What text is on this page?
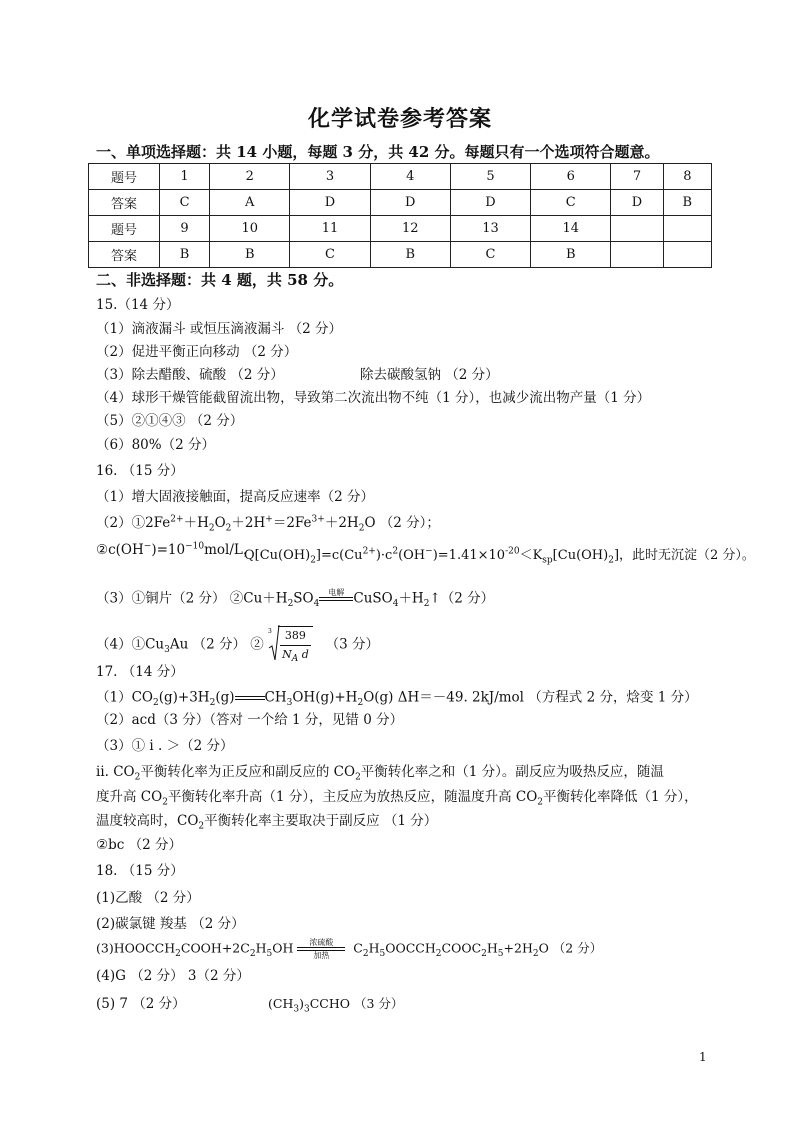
化学试卷参考答案
一、单项选择题：共 14 小题，每题 3 分，共 42 分。每题只有一个选项符合题意。
题号	1	2	3	4	5	6	7	8
答案	C	A	D	D	D	C	D	B
题号	9	10	11	12	13	14		
答案	B	B	C	B	C	B		
二、非选择题：共 4 题，共 58 分。
15.（14 分）
（1）滴液漏斗 或恒压滴液漏斗 （2 分）
（2）促进平衡正向移动 （2 分）
（3）除去醋酸、硫酸 （2 分）	除去碳酸氢钠 （2 分）
（4）球形干燥管能截留流出物，导致第二次流出物不纯（1 分），也减少流出物产量（1 分）
（5）②①④③ （2 分）
（6）80%（2 分）
16. （15 分）
（1）增大固液接触面，提高反应速率（2 分）
$(2)①2Fe^{2+}+H_2O_2+2H^+=2Fe^{3+}+2H_2O$ （2 分）；
$②c(OH^-)=10^{-10}mol/L$，
$Q[Cu(OH)_2]=c(Cu^{2+})\cdot c^2(OH^-)=1.41\times 10^{-20}<K_{sp}[Cu(OH)_2]$，此时无沉淀（2 分）。
（3）①铜片（2 分） $②Cu+H_2SO_4$
电解
$CuSO_4+H_2↑(2$ 分）
$(4)①Cu_3Au$ （2 分） ②
$3 \frac{389}{N_A d} (3$ 分）
17. （14 分）
$(1)CO_2(g)+3H_2(g)$

$CH_3OH(g)+H_2O(g)$ ΔH＝－49. 2kJ/mol （方程式 2 分，焓变 1 分）
（2）acd（3 分）（答对 一个给 1 分，见错 0 分）
（3）① i . ＞（2 分）
ⅱ. $CO_2$平衡转化率为正反应和副反应的 $CO_2$平衡转化率之和（1 分）。副反应为吸热反应，随温
度升高 $CO_2$平衡转化率升高（1 分），主反应为放热反应，随温度升高 $CO_2$平衡转化率降低（1 分），
温度较高时，$CO_2$平衡转化率主要取决于副反应 （1 分）
②bc （2 分）
18. （15 分）
(1)乙酸 （2 分）
(2)碳氯键 羧基 （2 分）
$(3)HOOCCH_2COOH+2C_2H_5OH$	浓硫酸
加热	$C_2H_5OOCCH_2COOC_2H_5+2H_2O$ （2 分）
(4)G （2 分） 3（2 分）
(5) 7 （2 分）	$(CH_3)_3CCHO$ （3 分）
1
